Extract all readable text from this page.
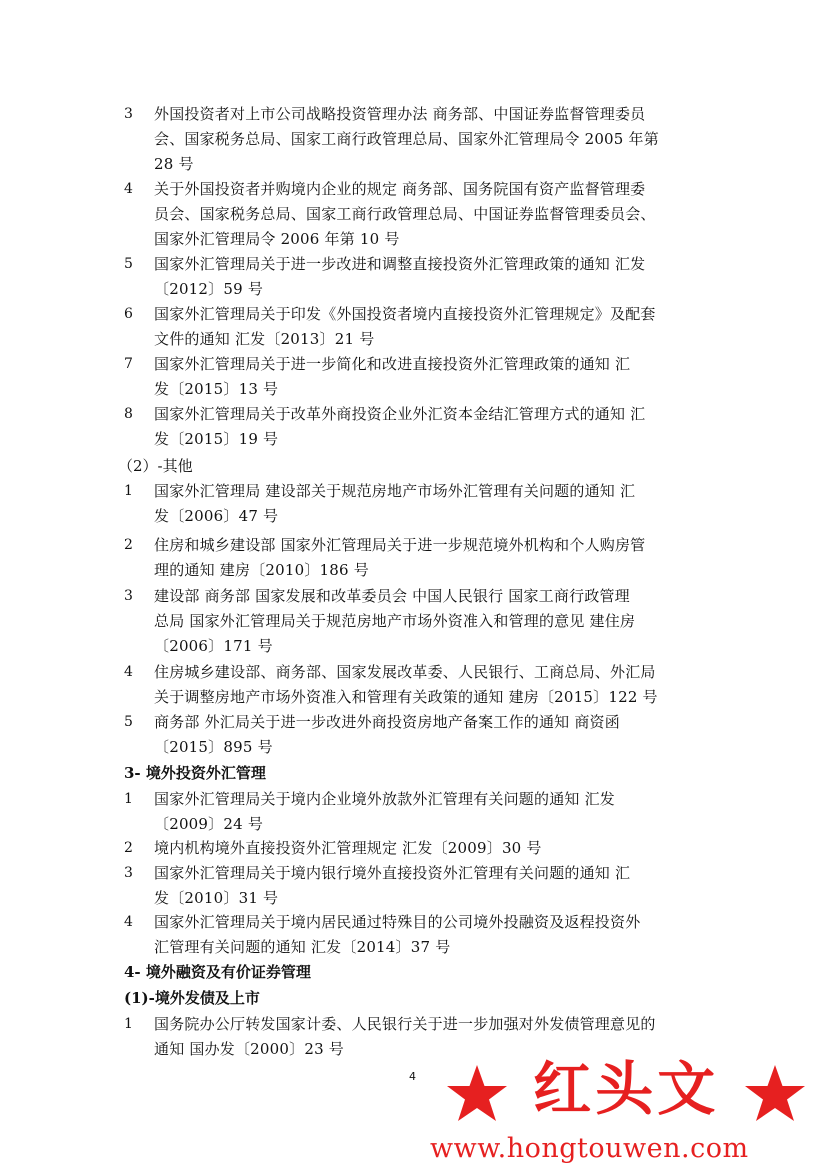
3 外国投资者对上市公司战略投资管理办法 商务部、中国证券监督管理委员
会、国家税务总局、国家工商行政管理总局、国家外汇管理局令 2005 年第
28 号
4 关于外国投资者并购境内企业的规定 商务部、国务院国有资产监督管理委
员会、国家税务总局、国家工商行政管理总局、中国证券监督管理委员会、
国家外汇管理局令 2006 年第 10 号
5 国家外汇管理局关于进一步改进和调整直接投资外汇管理政策的通知 汇发
〔2012〕59 号
6 国家外汇管理局关于印发《外国投资者境内直接投资外汇管理规定》及配套
文件的通知 汇发〔2013〕21 号
7 国家外汇管理局关于进一步简化和改进直接投资外汇管理政策的通知 汇
发〔2015〕13 号
8 国家外汇管理局关于改革外商投资企业外汇资本金结汇管理方式的通知 汇
发〔2015〕19 号
（2）-其他
1 国家外汇管理局 建设部关于规范房地产市场外汇管理有关问题的通知 汇
发〔2006〕47 号
2 住房和城乡建设部 国家外汇管理局关于进一步规范境外机构和个人购房管
理的通知 建房〔2010〕186 号
3 建设部 商务部 国家发展和改革委员会 中国人民银行 国家工商行政管理
总局 国家外汇管理局关于规范房地产市场外资准入和管理的意见 建住房
〔2006〕171 号
4 住房城乡建设部、商务部、国家发展改革委、人民银行、工商总局、外汇局
关于调整房地产市场外资准入和管理有关政策的通知 建房〔2015〕122 号
5 商务部 外汇局关于进一步改进外商投资房地产备案工作的通知 商资函
〔2015〕895 号
3- 境外投资外汇管理
1 国家外汇管理局关于境内企业境外放款外汇管理有关问题的通知 汇发
〔2009〕24 号
2 境内机构境外直接投资外汇管理规定 汇发〔2009〕30 号
3 国家外汇管理局关于境内银行境外直接投资外汇管理有关问题的通知 汇
发〔2010〕31 号
4 国家外汇管理局关于境内居民通过特殊目的公司境外投融资及返程投资外
汇管理有关问题的通知 汇发〔2014〕37 号
4- 境外融资及有价证券管理
(1)-境外发债及上市
1 国务院办公厅转发国家计委、人民银行关于进一步加强对外发债管理意见的
通知 国办发〔2000〕23 号
4	红头文
www.hongtouwen.com
